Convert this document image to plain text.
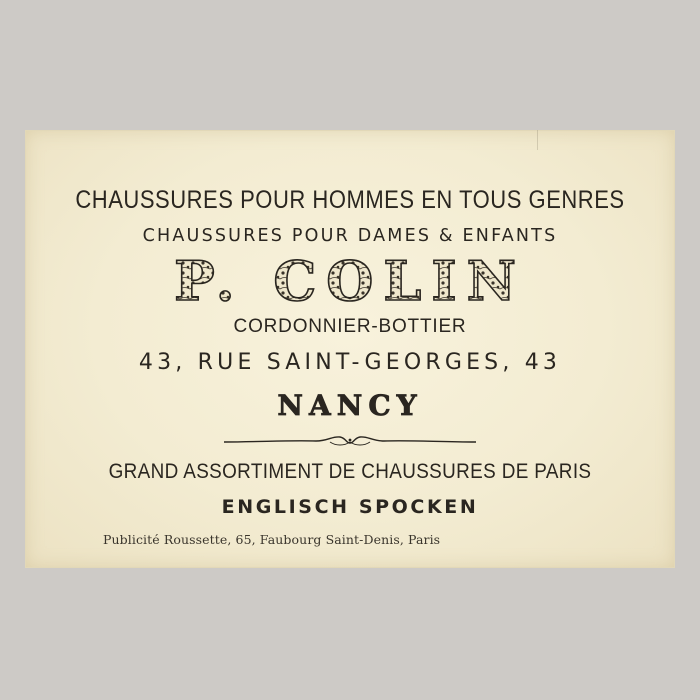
CHAUSSURES POUR HOMMES EN TOUS GENRES
CHAUSSURES POUR DAMES & ENFANTS
P. COLIN
CORDONNIER-BOTTIER
43, RUE SAINT-GEORGES, 43
NANCY
GRAND ASSORTIMENT DE CHAUSSURES DE PARIS
ENGLISCH SPOCKEN
Publicité Roussette, 65, Faubourg Saint-Denis, Paris
